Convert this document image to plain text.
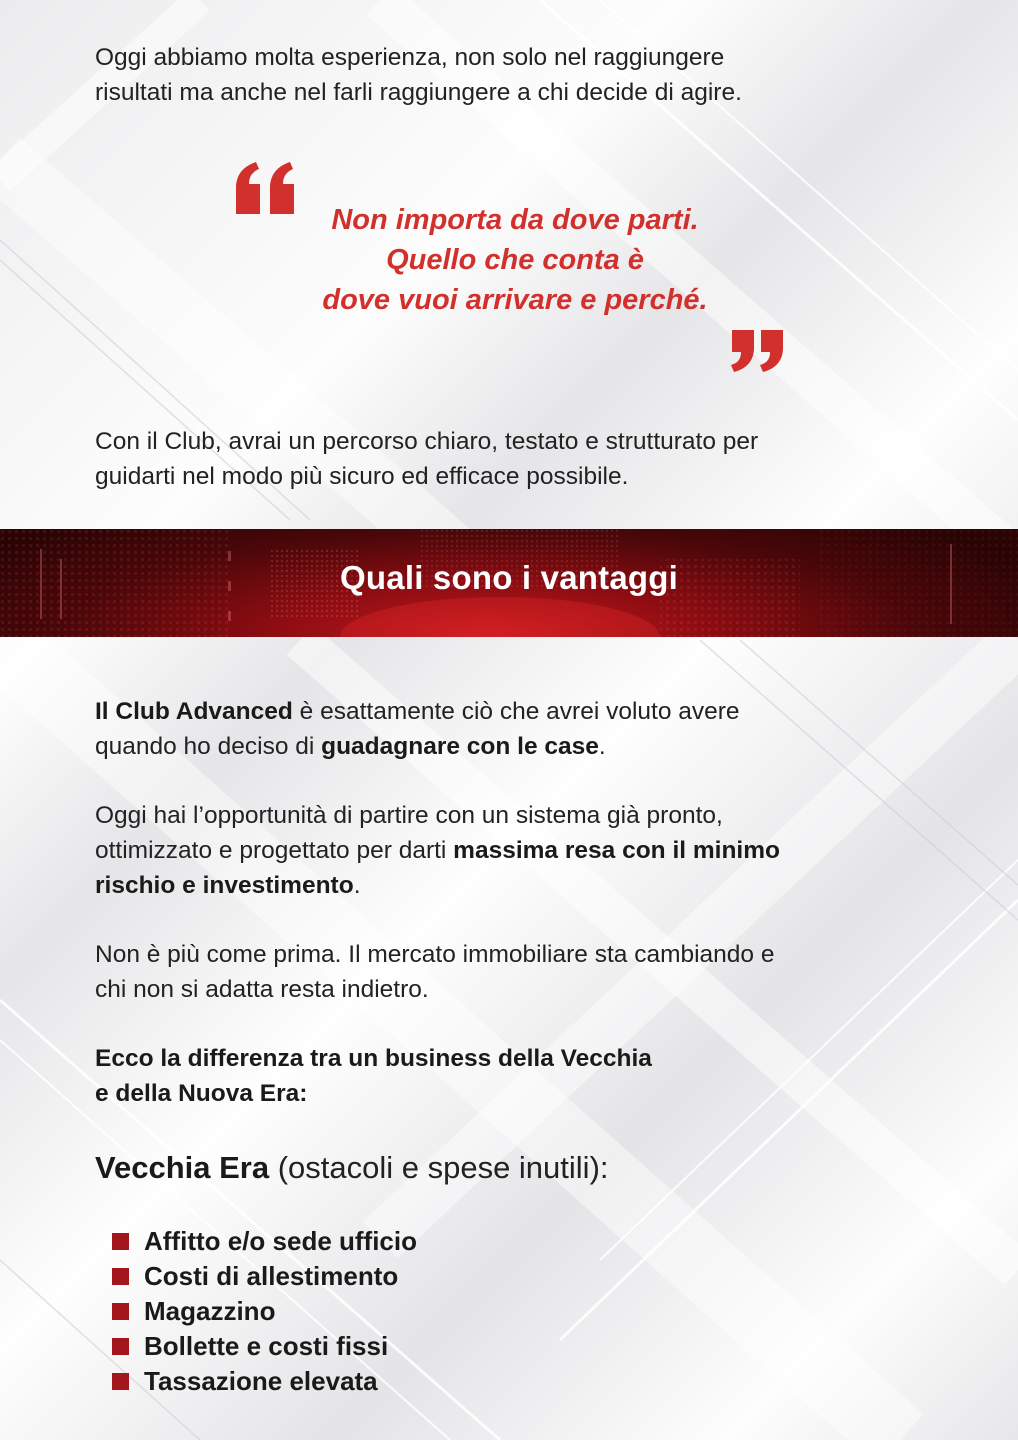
Oggi abbiamo molta esperienza, non solo nel raggiungere
risultati ma anche nel farli raggiungere a chi decide di agire.

Non importa da dove parti.
Quello che conta è
dove vuoi arrivare e perché.

Con il Club, avrai un percorso chiaro, testato e strutturato per
guidarti nel modo più sicuro ed efficace possibile.

Quali sono i vantaggi

Il Club Advanced è esattamente ciò che avrei voluto avere
quando ho deciso di guadagnare con le case.

Oggi hai l’opportunità di partire con un sistema già pronto,
ottimizzato e progettato per darti massima resa con il minimo
rischio e investimento.

Non è più come prima. Il mercato immobiliare sta cambiando e
chi non si adatta resta indietro.

Ecco la differenza tra un business della Vecchia
e della Nuova Era:

Vecchia Era (ostacoli e spese inutili):
Affitto e/o sede ufficio
Costi di allestimento
Magazzino
Bollette e costi fissi
Tassazione elevata
